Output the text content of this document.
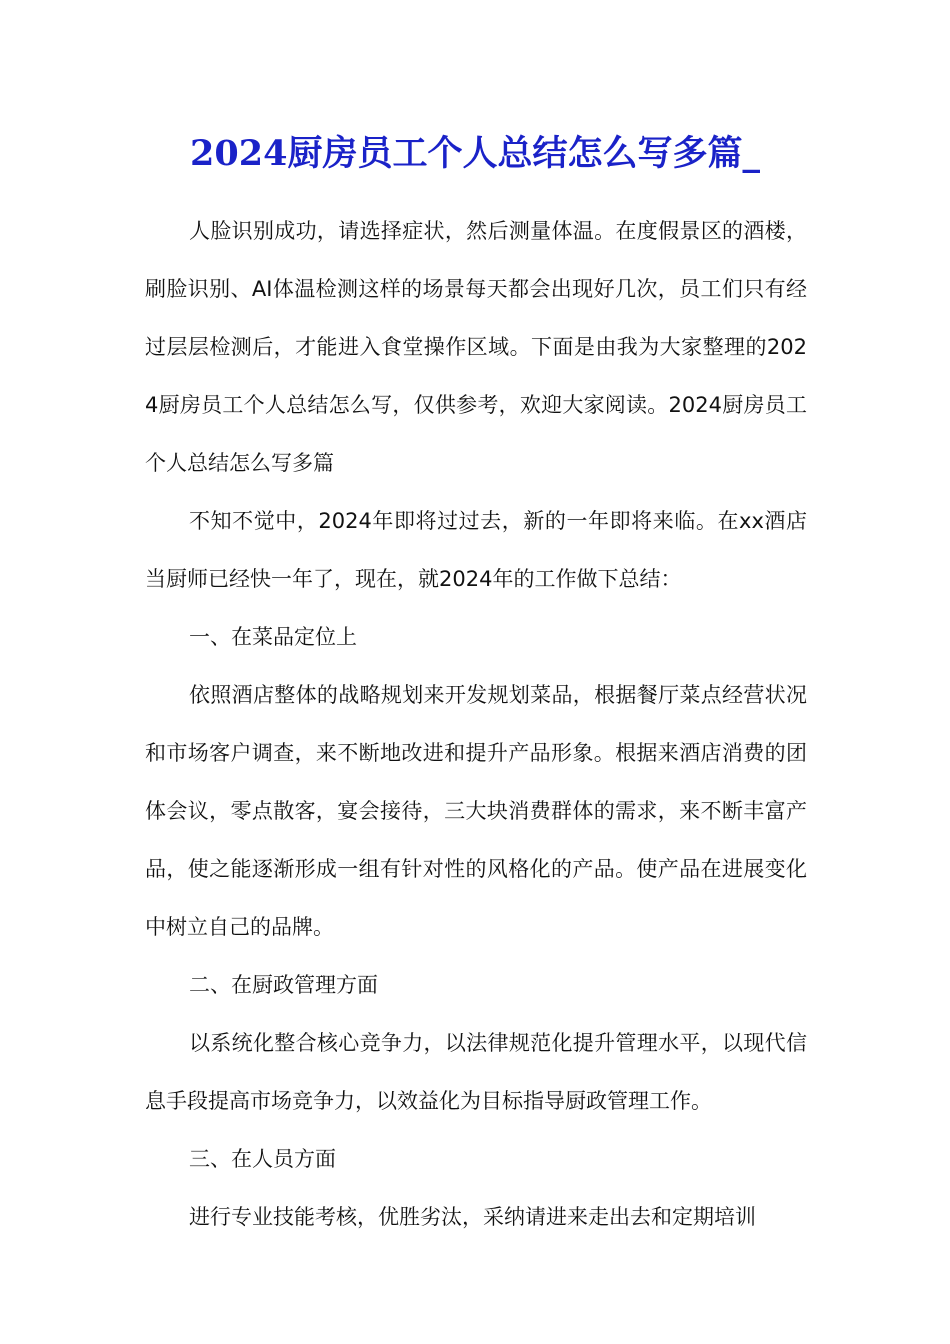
2024厨房员工个人总结怎么写多篇_

人脸识别成功，请选择症状，然后测量体温。在度假景区的酒楼，刷脸识别、AI体温检测这样的场景每天都会出现好几次，员工们只有经过层层检测后，才能进入食堂操作区域。下面是由我为大家整理的2024厨房员工个人总结怎么写，仅供参考，欢迎大家阅读。2024厨房员工个人总结怎么写多篇

不知不觉中，2024年即将过过去，新的一年即将来临。在xx酒店当厨师已经快一年了，现在，就2024年的工作做下总结：

一、在菜品定位上

依照酒店整体的战略规划来开发规划菜品，根据餐厅菜点经营状况和市场客户调查，来不断地改进和提升产品形象。根据来酒店消费的团体会议，零点散客，宴会接待，三大块消费群体的需求，来不断丰富产品，使之能逐渐形成一组有针对性的风格化的产品。使产品在进展变化中树立自己的品牌。

二、在厨政管理方面

以系统化整合核心竞争力，以法律规范化提升管理水平，以现代信息手段提高市场竞争力，以效益化为目标指导厨政管理工作。

三、在人员方面

进行专业技能考核，优胜劣汰，采纳请进来走出去和定期培训
